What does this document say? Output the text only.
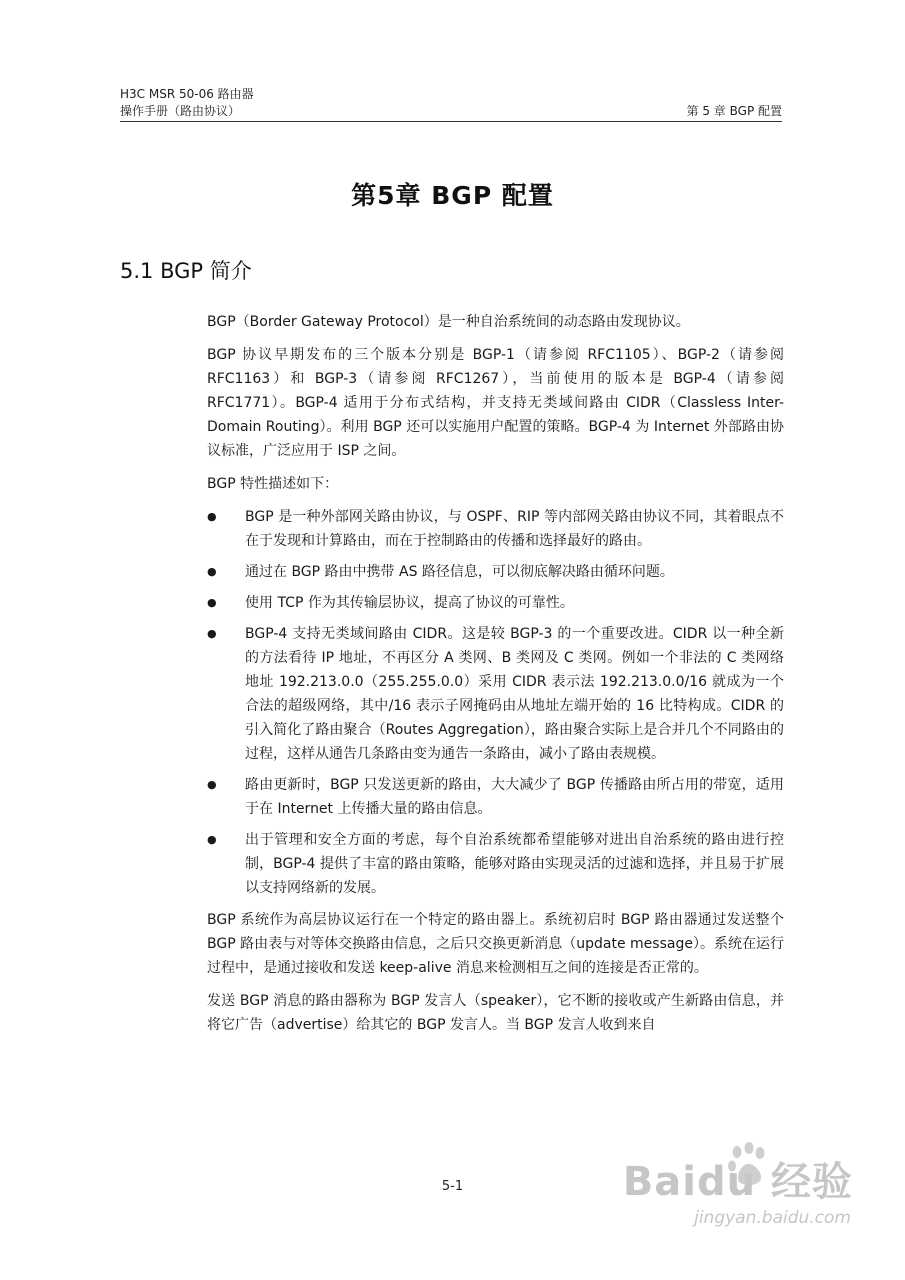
H3C MSR 50-06 路由器
操作手册（路由协议）	第 5 章 BGP 配置
第5章 BGP 配置
5.1 BGP 简介

BGP（Border Gateway Protocol）是一种自治系统间的动态路由发现协议。

BGP 协议早期发布的三个版本分别是 BGP-1（请参阅 RFC1105）、BGP-2（请参阅 RFC1163）和 BGP-3（请参阅 RFC1267），当前使用的版本是 BGP-4（请参阅 RFC1771）。BGP-4 适用于分布式结构，并支持无类域间路由 CIDR（Classless Inter-Domain Routing）。利用 BGP 还可以实施用户配置的策略。BGP-4 为 Internet 外部路由协议标准，广泛应用于 ISP 之间。

BGP 特性描述如下：

● BGP 是一种外部网关路由协议，与 OSPF、RIP 等内部网关路由协议不同，其着眼点不在于发现和计算路由，而在于控制路由的传播和选择最好的路由。
● 通过在 BGP 路由中携带 AS 路径信息，可以彻底解决路由循环问题。
● 使用 TCP 作为其传输层协议，提高了协议的可靠性。
● BGP-4 支持无类域间路由 CIDR。这是较 BGP-3 的一个重要改进。CIDR 以一种全新的方法看待 IP 地址，不再区分 A 类网、B 类网及 C 类网。例如一个非法的 C 类网络地址 192.213.0.0（255.255.0.0）采用 CIDR 表示法 192.213.0.0/16 就成为一个合法的超级网络，其中/16 表示子网掩码由从地址左端开始的 16 比特构成。CIDR 的引入简化了路由聚合（Routes Aggregation），路由聚合实际上是合并几个不同路由的过程，这样从通告几条路由变为通告一条路由，减小了路由表规模。
● 路由更新时，BGP 只发送更新的路由，大大减少了 BGP 传播路由所占用的带宽，适用于在 Internet 上传播大量的路由信息。
● 出于管理和安全方面的考虑，每个自治系统都希望能够对进出自治系统的路由进行控制，BGP-4 提供了丰富的路由策略，能够对路由实现灵活的过滤和选择，并且易于扩展以支持网络新的发展。

BGP 系统作为高层协议运行在一个特定的路由器上。系统初启时 BGP 路由器通过发送整个 BGP 路由表与对等体交换路由信息，之后只交换更新消息（update message）。系统在运行过程中，是通过接收和发送 keep-alive 消息来检测相互之间的连接是否正常的。

发送 BGP 消息的路由器称为 BGP 发言人（speaker），它不断的接收或产生新路由信息，并将它广告（advertise）给其它的 BGP 发言人。当 BGP 发言人收到来自

5-1	Baidu 经验
jingyan.baidu.com
